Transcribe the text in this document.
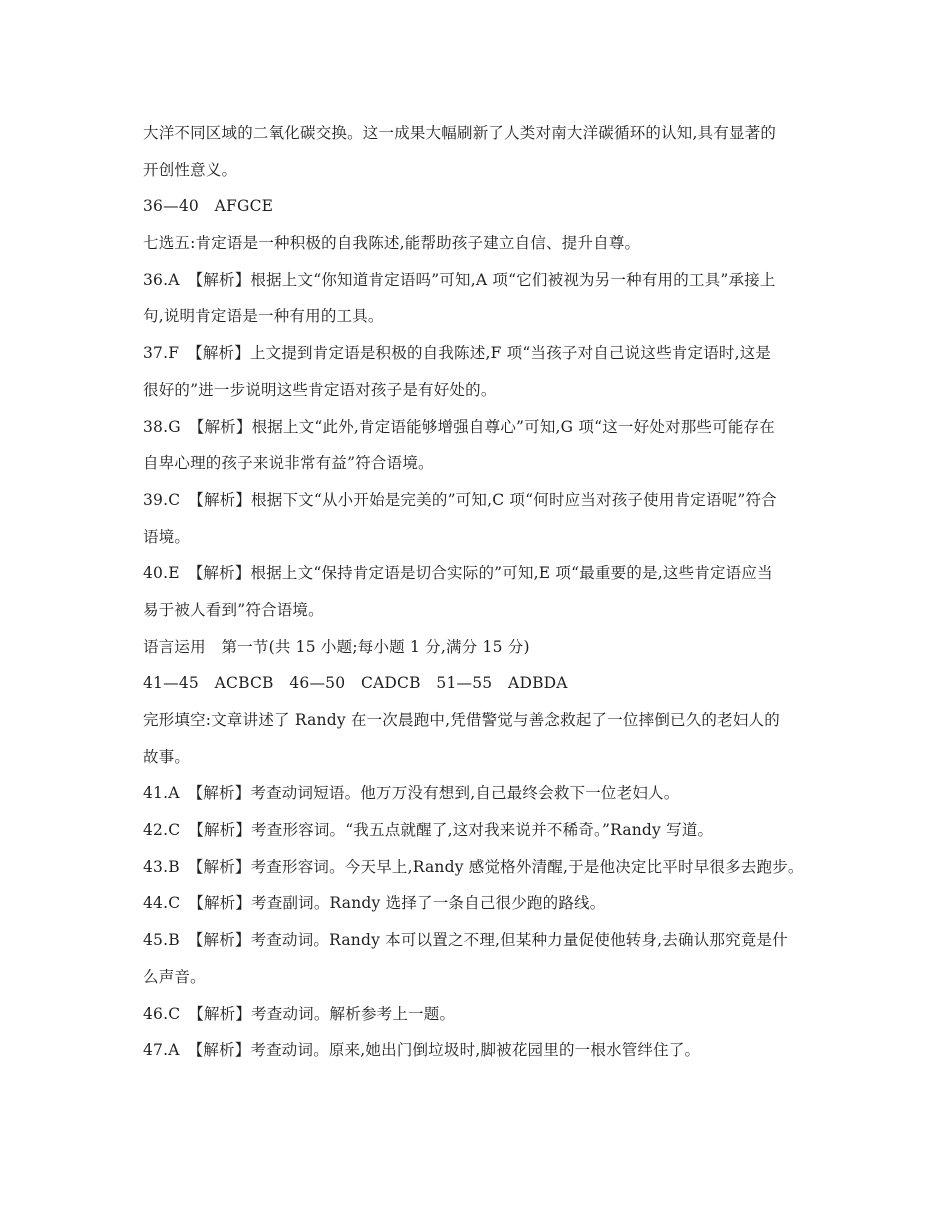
大洋不同区域的二氧化碳交换。这一成果大幅刷新了人类对南大洋碳循环的认知,具有显著的
开创性意义。
36—40　AFGCE
七选五:肯定语是一种积极的自我陈述,能帮助孩子建立自信、提升自尊。
36.A　【解析】根据上文“你知道肯定语吗”可知,A 项“它们被视为另一种有用的工具”承接上
句,说明肯定语是一种有用的工具。
37.F　【解析】上文提到肯定语是积极的自我陈述,F 项“当孩子对自己说这些肯定语时,这是
很好的”进一步说明这些肯定语对孩子是有好处的。
38.G　【解析】根据上文“此外,肯定语能够增强自尊心”可知,G 项“这一好处对那些可能存在
自卑心理的孩子来说非常有益”符合语境。
39.C　【解析】根据下文“从小开始是完美的”可知,C 项“何时应当对孩子使用肯定语呢”符合
语境。
40.E　【解析】根据上文“保持肯定语是切合实际的”可知,E 项“最重要的是,这些肯定语应当
易于被人看到”符合语境。
语言运用　第一节(共 15 小题;每小题 1 分,满分 15 分)
41—45　ACBCB　46—50　CADCB　51—55　ADBDA
完形填空:文章讲述了 Randy 在一次晨跑中,凭借警觉与善念救起了一位摔倒已久的老妇人的
故事。
41.A　【解析】考查动词短语。他万万没有想到,自己最终会救下一位老妇人。
42.C　【解析】考查形容词。“我五点就醒了,这对我来说并不稀奇。”Randy 写道。
43.B　【解析】考查形容词。今天早上,Randy 感觉格外清醒,于是他决定比平时早很多去跑步。
44.C　【解析】考查副词。Randy 选择了一条自己很少跑的路线。
45.B　【解析】考查动词。Randy 本可以置之不理,但某种力量促使他转身,去确认那究竟是什
么声音。
46.C　【解析】考查动词。解析参考上一题。
47.A　【解析】考查动词。原来,她出门倒垃圾时,脚被花园里的一根水管绊住了。
